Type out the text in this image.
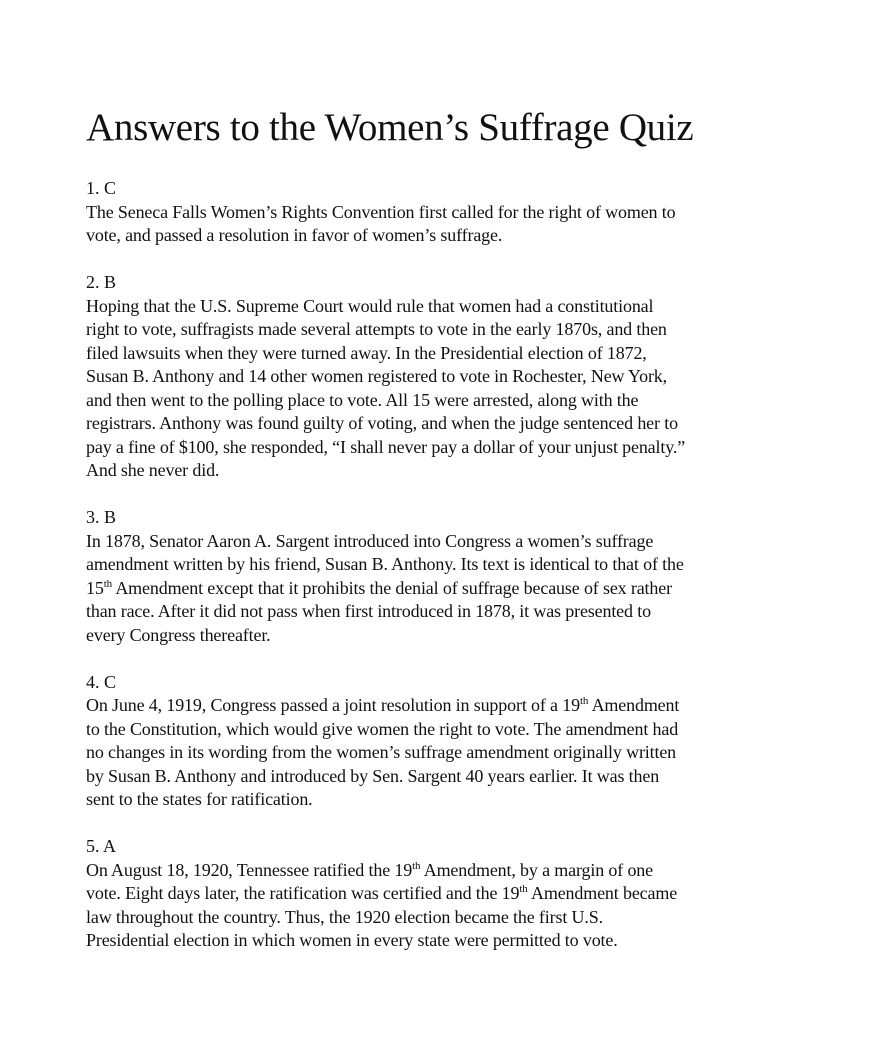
Answers to the Women’s Suffrage Quiz
1. C
The Seneca Falls Women’s Rights Convention first called for the right of women to
vote, and passed a resolution in favor of women’s suffrage.
2. B
Hoping that the U.S. Supreme Court would rule that women had a constitutional
right to vote, suffragists made several attempts to vote in the early 1870s, and then
filed lawsuits when they were turned away. In the Presidential election of 1872,
Susan B. Anthony and 14 other women registered to vote in Rochester, New York,
and then went to the polling place to vote. All 15 were arrested, along with the
registrars. Anthony was found guilty of voting, and when the judge sentenced her to
pay a fine of $100, she responded, “I shall never pay a dollar of your unjust penalty.”
And she never did.
3. B
In 1878, Senator Aaron A. Sargent introduced into Congress a women’s suffrage
amendment written by his friend, Susan B. Anthony. Its text is identical to that of the
15th Amendment except that it prohibits the denial of suffrage because of sex rather
than race. After it did not pass when first introduced in 1878, it was presented to
every Congress thereafter.
4. C
On June 4, 1919, Congress passed a joint resolution in support of a 19th Amendment
to the Constitution, which would give women the right to vote. The amendment had
no changes in its wording from the women’s suffrage amendment originally written
by Susan B. Anthony and introduced by Sen. Sargent 40 years earlier. It was then
sent to the states for ratification.
5. A
On August 18, 1920, Tennessee ratified the 19th Amendment, by a margin of one
vote. Eight days later, the ratification was certified and the 19th Amendment became
law throughout the country. Thus, the 1920 election became the first U.S.
Presidential election in which women in every state were permitted to vote.
